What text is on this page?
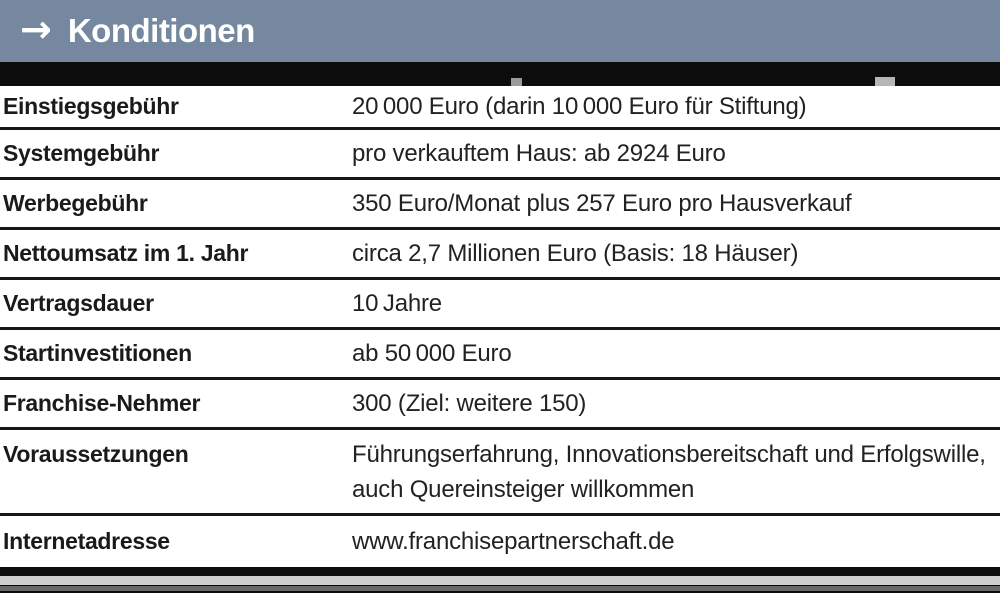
→ Konditionen
Einstiegsgebühr	20 000 Euro (darin 10 000 Euro für Stiftung)
Systemgebühr	pro verkauftem Haus: ab 2924 Euro
Werbegebühr	350 Euro/Monat plus 257 Euro pro Hausverkauf
Nettoumsatz im 1. Jahr	circa 2,7 Millionen Euro (Basis: 18 Häuser)
Vertragsdauer	10 Jahre
Startinvestitionen	ab 50 000 Euro
Franchise-Nehmer	300 (Ziel: weitere 150)
Voraussetzungen	Führungserfahrung, Innovationsbereitschaft und Erfolgswille, auch Quereinsteiger willkommen
Internetadresse	www.franchisepartnerschaft.de
